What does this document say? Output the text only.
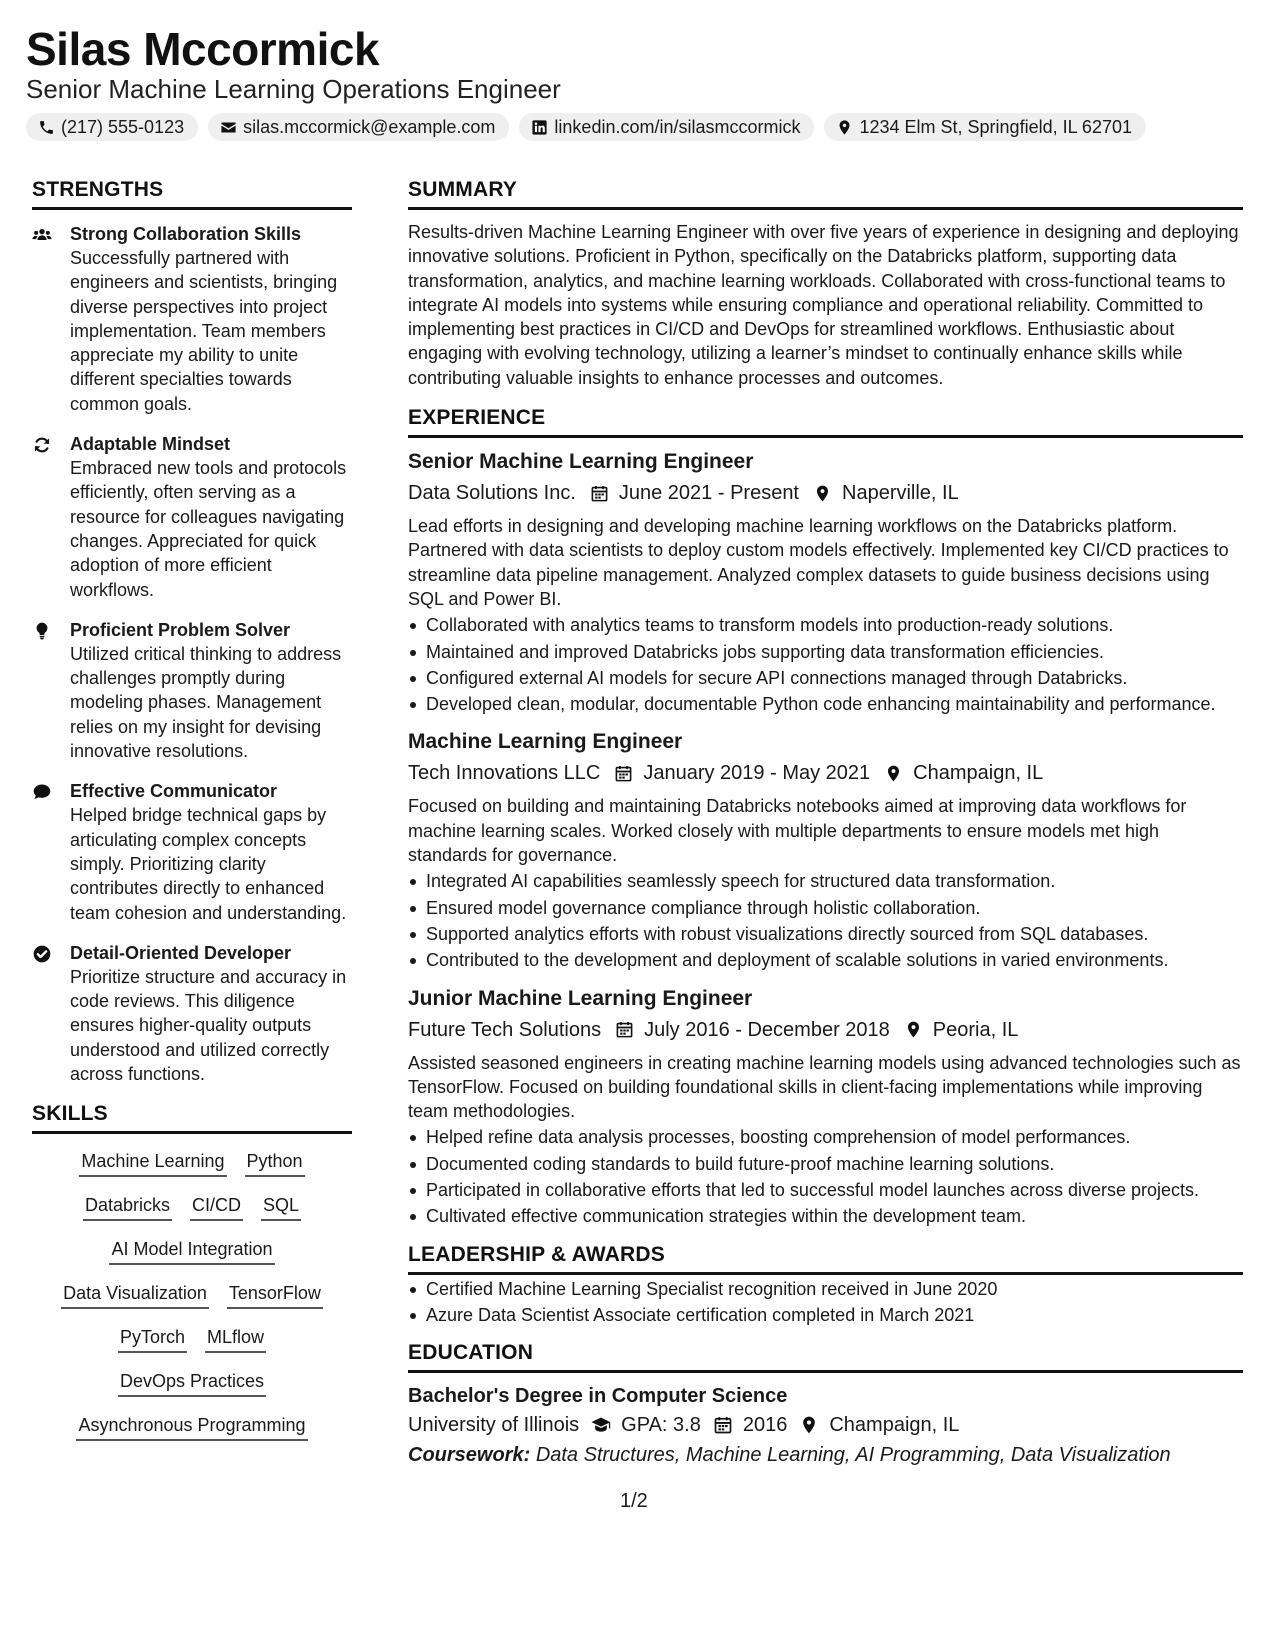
Silas Mccormick
Senior Machine Learning Operations Engineer
(217) 555-0123	silas.mccormick@example.com	linkedin.com/in/silasmccormick	1234 Elm St, Springfield, IL 62701
STRENGTHS
Strong Collaboration Skills
Successfully partnered with engineers and scientists, bringing diverse perspectives into project implementation. Team members appreciate my ability to unite different specialties towards common goals.
Adaptable Mindset
Embraced new tools and protocols efficiently, often serving as a resource for colleagues navigating changes. Appreciated for quick adoption of more efficient workflows.
Proficient Problem Solver
Utilized critical thinking to address challenges promptly during modeling phases. Management relies on my insight for devising innovative resolutions.
Effective Communicator
Helped bridge technical gaps by articulating complex concepts simply. Prioritizing clarity contributes directly to enhanced team cohesion and understanding.
Detail-Oriented Developer
Prioritize structure and accuracy in code reviews. This diligence ensures higher-quality outputs understood and utilized correctly across functions.
SKILLS
Machine Learning Python
Databricks CI/CD SQL
AI Model Integration
Data Visualization TensorFlow
PyTorch MLflow
DevOps Practices
Asynchronous Programming
SUMMARY
Results-driven Machine Learning Engineer with over five years of experience in designing and deploying innovative solutions. Proficient in Python, specifically on the Databricks platform, supporting data transformation, analytics, and machine learning workloads. Collaborated with cross-functional teams to integrate AI models into systems while ensuring compliance and operational reliability. Committed to implementing best practices in CI/CD and DevOps for streamlined workflows. Enthusiastic about engaging with evolving technology, utilizing a learner’s mindset to continually enhance skills while contributing valuable insights to enhance processes and outcomes.
EXPERIENCE
Senior Machine Learning Engineer
Data Solutions Inc. June 2021 - Present Naperville, IL
Lead efforts in designing and developing machine learning workflows on the Databricks platform. Partnered with data scientists to deploy custom models effectively. Implemented key CI/CD practices to streamline data pipeline management. Analyzed complex datasets to guide business decisions using SQL and Power BI.
Collaborated with analytics teams to transform models into production-ready solutions.
Maintained and improved Databricks jobs supporting data transformation efficiencies.
Configured external AI models for secure API connections managed through Databricks.
Developed clean, modular, documentable Python code enhancing maintainability and performance.
Machine Learning Engineer
Tech Innovations LLC January 2019 - May 2021 Champaign, IL
Focused on building and maintaining Databricks notebooks aimed at improving data workflows for machine learning scales. Worked closely with multiple departments to ensure models met high standards for governance.
Integrated AI capabilities seamlessly speech for structured data transformation.
Ensured model governance compliance through holistic collaboration.
Supported analytics efforts with robust visualizations directly sourced from SQL databases.
Contributed to the development and deployment of scalable solutions in varied environments.
Junior Machine Learning Engineer
Future Tech Solutions July 2016 - December 2018 Peoria, IL
Assisted seasoned engineers in creating machine learning models using advanced technologies such as TensorFlow. Focused on building foundational skills in client-facing implementations while improving team methodologies.
Helped refine data analysis processes, boosting comprehension of model performances.
Documented coding standards to build future-proof machine learning solutions.
Participated in collaborative efforts that led to successful model launches across diverse projects.
Cultivated effective communication strategies within the development team.
LEADERSHIP & AWARDS
Certified Machine Learning Specialist recognition received in June 2020
Azure Data Scientist Associate certification completed in March 2021
EDUCATION
Bachelor's Degree in Computer Science
University of Illinois GPA: 3.8 2016 Champaign, IL
Coursework: Data Structures, Machine Learning, AI Programming, Data Visualization
1/2
